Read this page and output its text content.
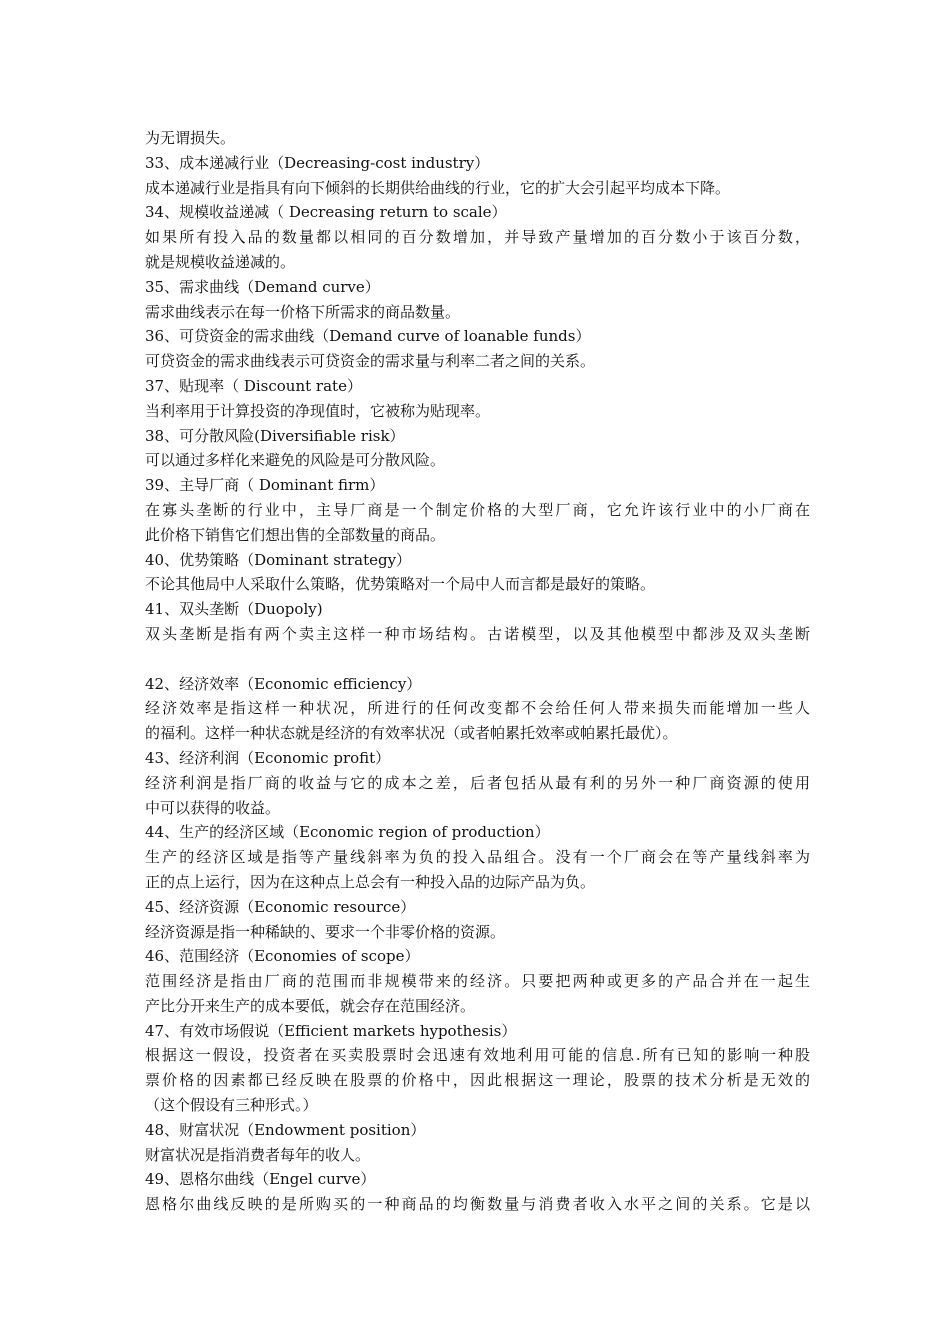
为无谓损失。
33、成本递减行业（Decreasing-cost industry）
成本递减行业是指具有向下倾斜的长期供给曲线的行业，它的扩大会引起平均成本下降。
34、规模收益递减（ Decreasing return to scale）
如果所有投入品的数量都以相同的百分数增加，并导致产量增加的百分数小于该百分数，
就是规模收益递减的。
35、需求曲线（Demand curve）
需求曲线表示在每一价格下所需求的商品数量。
36、可贷资金的需求曲线（Demand curve of loanable funds）
可贷资金的需求曲线表示可贷资金的需求量与利率二者之间的关系。
37、贴现率（ Discount rate）
当利率用于计算投资的净现值时，它被称为贴现率。
38、可分散风险(Diversifiable risk）
可以通过多样化来避免的风险是可分散风险。
39、主导厂商（ Dominant firm）
在寡头垄断的行业中，主导厂商是一个制定价格的大型厂商，它允许该行业中的小厂商在
此价格下销售它们想出售的全部数量的商品。
40、优势策略（Dominant strategy）
不论其他局中人采取什么策略，优势策略对一个局中人而言都是最好的策略。
41、双头垄断（Duopoly)
双头垄断是指有两个卖主这样一种市场结构。古诺模型，以及其他模型中都涉及双头垄断
42、经济效率（Economic efficiency）
经济效率是指这样一种状况，所进行的任何改变都不会给任何人带来损失而能增加一些人
的福利。这样一种状态就是经济的有效率状况（或者帕累托效率或帕累托最优）。
43、经济利润（Economic profit）
经济利润是指厂商的收益与它的成本之差，后者包括从最有利的另外一种厂商资源的使用
中可以获得的收益。
44、生产的经济区域（Economic region of production）
生产的经济区域是指等产量线斜率为负的投入品组合。没有一个厂商会在等产量线斜率为
正的点上运行，因为在这种点上总会有一种投入品的边际产品为负。
45、经济资源（Economic resource）
经济资源是指一种稀缺的、要求一个非零价格的资源。
46、范围经济（Economies of scope）
范围经济是指由厂商的范围而非规模带来的经济。只要把两种或更多的产品合并在一起生
产比分开来生产的成本要低，就会存在范围经济。
47、有效市场假说（Efficient markets hypothesis）
根据这一假设，投资者在买卖股票时会迅速有效地利用可能的信息.所有已知的影响一种股
票价格的因素都已经反映在股票的价格中，因此根据这一理论，股票的技术分析是无效的
（这个假设有三种形式。）
48、财富状况（Endowment position）
财富状况是指消费者每年的收人。
49、恩格尔曲线（Engel curve）
恩格尔曲线反映的是所购买的一种商品的均衡数量与消费者收入水平之间的关系。它是以
